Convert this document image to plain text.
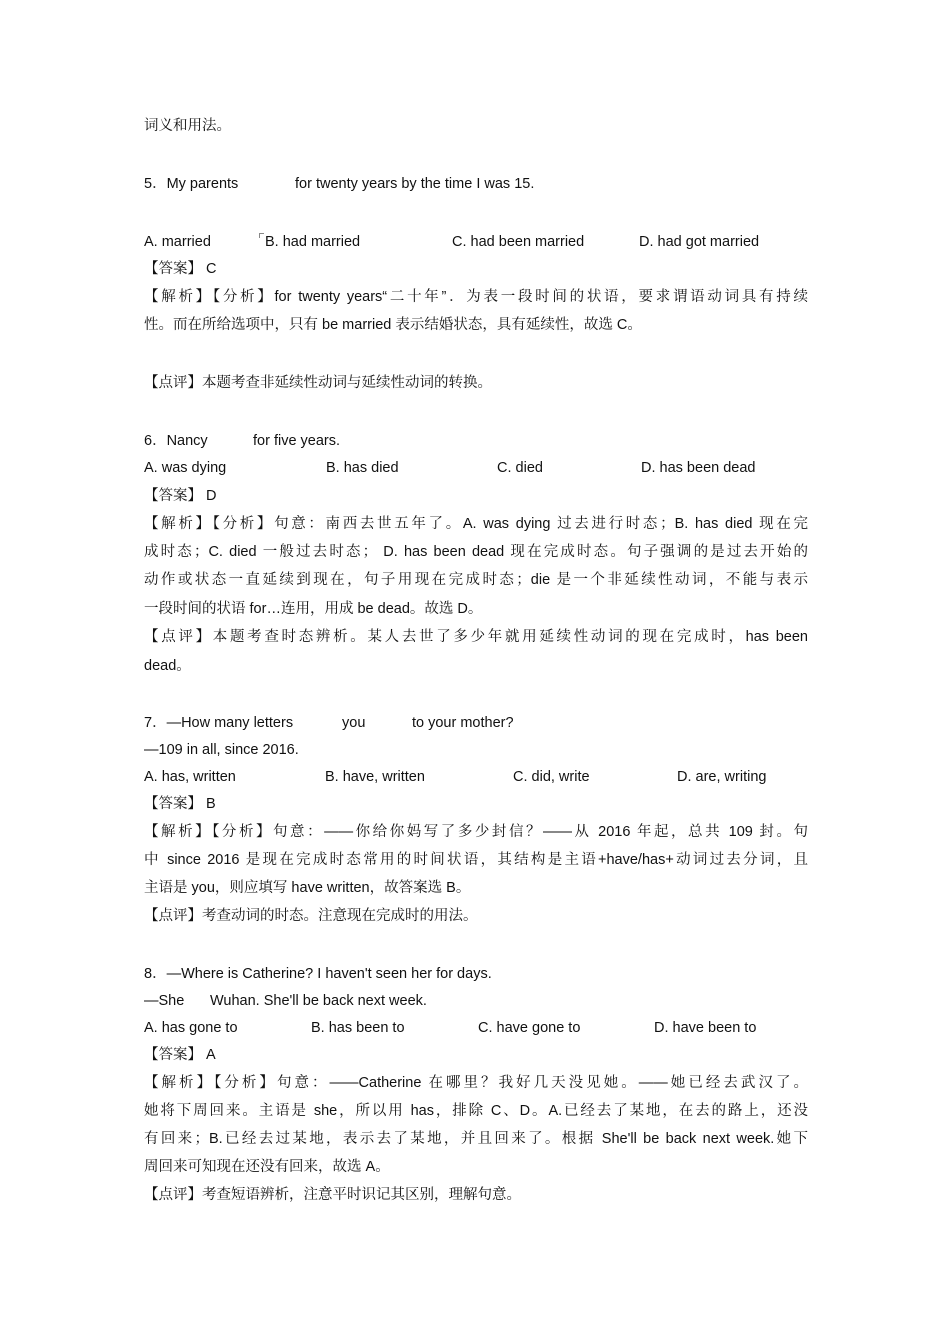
词义和用法。
5．My parents	for twenty years by the time I was 15.
A. married	B. had married	C. had been married	D. had got married
【答案】 C
【解析】【分析】for twenty years“二十年”．为表一段时间的状语，要求谓语动词具有持续
性。而在所给选项中，只有 be married 表示结婚状态，具有延续性，故选 C。
【点评】本题考查非延续性动词与延续性动词的转换。
6．Nancy	for five years.
A. was dying	B. has died	C. died	D. has been dead
【答案】 D
【解析】【分析】句意：南西去世五年了。A. was dying 过去进行时态；B. has died 现在完
成时态；C. died 一般过去时态； D. has been dead 现在完成时态。句子强调的是过去开始的
动作或状态一直延续到现在，句子用现在完成时态；die 是一个非延续性动词，不能与表示
一段时间的状语 for…连用，用成 be dead。故选 D。
【点评】本题考查时态辨析。某人去世了多少年就用延续性动词的现在完成时，has been
dead。
7．—How many letters	you	to your mother?
—109 in all, since 2016.
A. has, written	B. have, written	C. did, write	D. are, writing
【答案】 B
【解析】【分析】句意：——你给你妈写了多少封信？——从 2016 年起，总共 109 封。句
中 since 2016 是现在完成时态常用的时间状语，其结构是主语+have/has+动词过去分词，且
主语是 you，则应填写 have written，故答案选 B。
【点评】考查动词的时态。注意现在完成时的用法。
8．—Where is Catherine? I haven't seen her for days.
—She Wuhan. She'll be back next week.
A. has gone to	B. has been to	C. have gone to	D. have been to
【答案】 A
【解析】【分析】句意：——Catherine 在哪里？我好几天没见她。——她已经去武汉了。
她将下周回来。主语是 she，所以用 has，排除 C、D。A.已经去了某地，在去的路上，还没
有回来；B.已经去过某地，表示去了某地，并且回来了。根据 She'll be back next week.她下
周回来可知现在还没有回来，故选 A。
【点评】考查短语辨析，注意平时识记其区别，理解句意。
